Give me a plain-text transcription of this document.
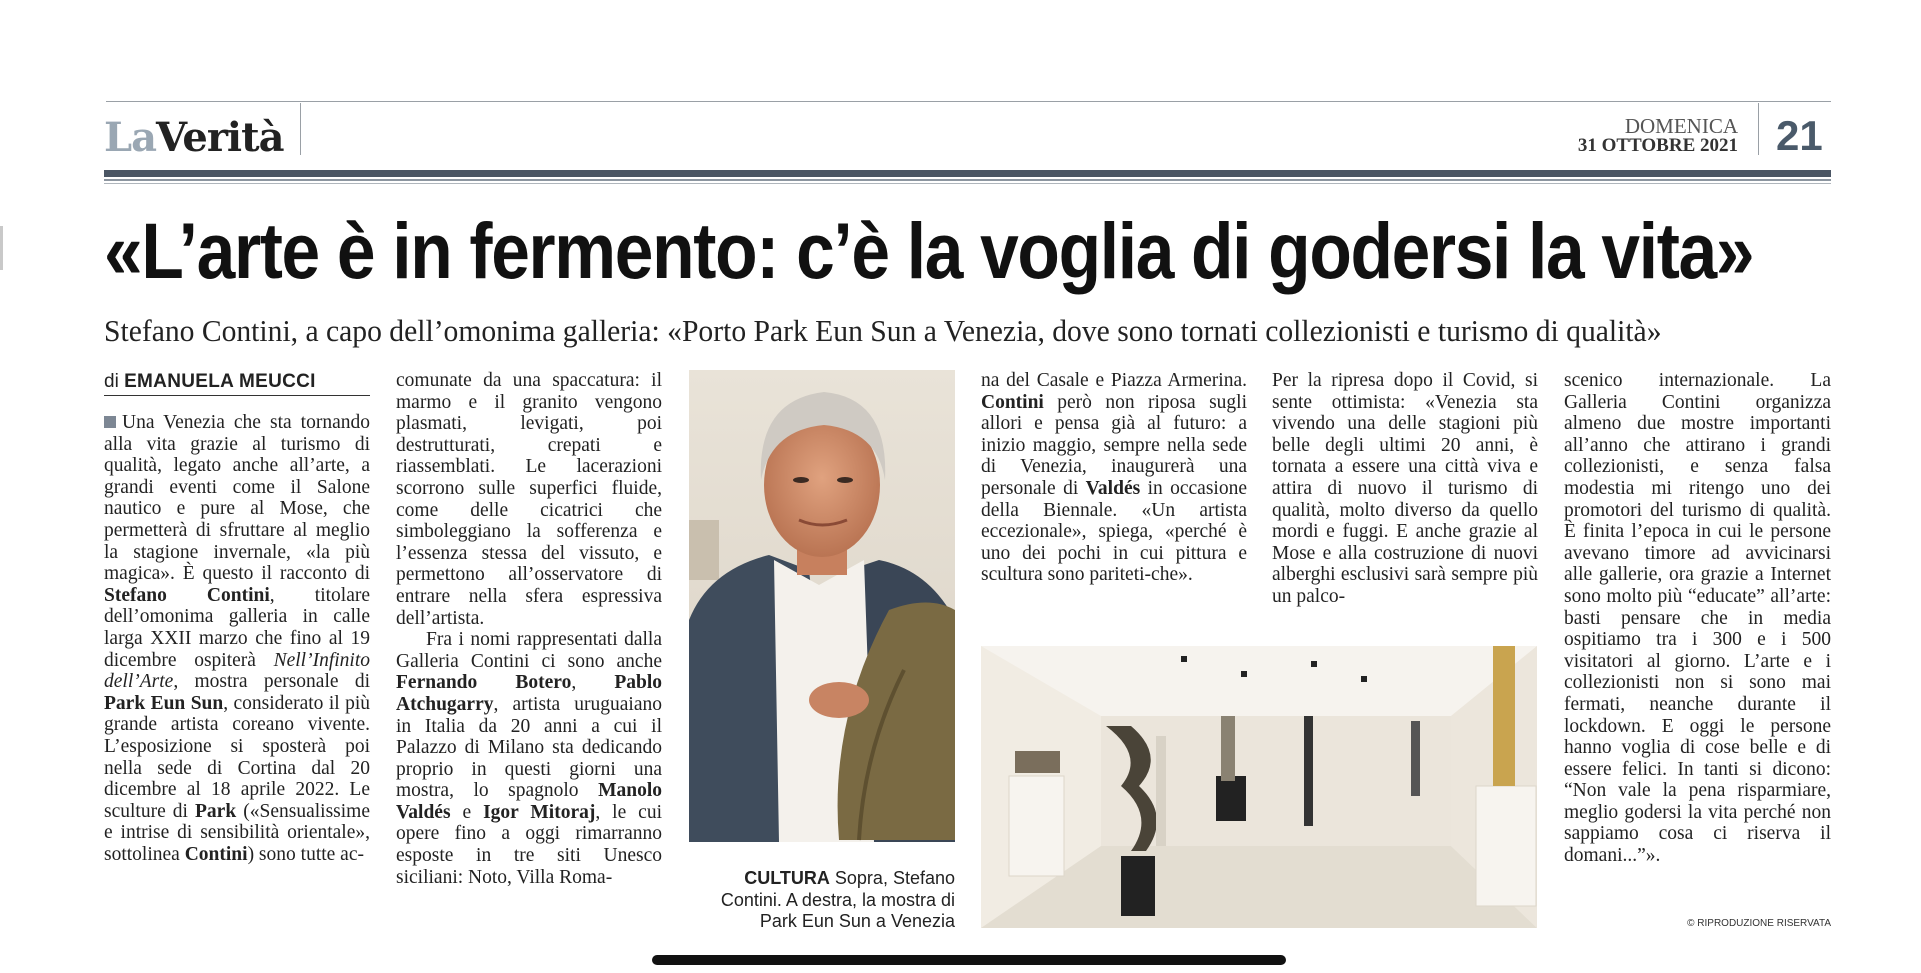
LaVerità	DOMENICA
31 OTTOBRE 2021 21
«L’arte è in fermento: c’è la voglia di godersi la vita»
Stefano Contini, a capo dell’omonima galleria: «Porto Park Eun Sun a Venezia, dove sono tornati collezionisti e turismo di qualità»
di EMANUELA MEUCCI

Una Venezia che sta tornando alla vita grazie al turismo di qualità, legato anche all’arte, a grandi eventi come il Salone nautico e pure al Mose, che permetterà di sfruttare al meglio la stagione invernale, «la più magica». È questo il racconto di Stefano Contini, titolare dell’omonima galleria in calle larga XXII marzo che fino al 19 dicembre ospiterà Nell’Infinito dell’Arte, mostra personale di Park Eun Sun, considerato il più grande artista coreano vivente. L’esposizione si sposterà poi nella sede di Cortina dal 20 dicembre al 18 aprile 2022. Le sculture di Park («Sensualissime e intrise di sensibilità orientale», sottolinea Contini) sono tutte ac-

comunate da una spaccatura: il marmo e il granito vengono plasmati, levigati, poi destrutturati, crepati e riassemblati. Le lacerazioni scorrono sulle superfici fluide, come delle cicatrici che simboleggiano la sofferenza e l’essenza stessa del vissuto, e permettono all’osservatore di entrare nella sfera espressiva dell’artista.

Fra i nomi rappresentati dalla Galleria Contini ci sono anche Fernando Botero, Pablo Atchugarry, artista uruguaiano in Italia da 20 anni a cui il Palazzo di Milano sta dedicando proprio in questi giorni una mostra, lo spagnolo Manolo Valdés e Igor Mitoraj, le cui opere fino a oggi rimarranno esposte in tre siti Unesco siciliani: Noto, Villa Roma-

na del Casale e Piazza Armerina. Contini però non riposa sugli allori e pensa già al futuro: a inizio maggio, sempre nella sede di Venezia, inaugurerà una personale di Valdés in occasione della Biennale. «Un artista eccezionale», spiega, «perché è uno dei pochi in cui pittura e scultura sono pariteti-che».

Per la ripresa dopo il Covid, si sente ottimista: «Venezia sta vivendo una delle stagioni più belle degli ultimi 20 anni, è tornata a essere una città viva e attira di nuovo il turismo di qualità, molto diverso da quello mordi e fuggi. E anche grazie al Mose e alla costruzione di nuovi alberghi esclusivi sarà sempre più un palco-

scenico internazionale. La Galleria Contini organizza almeno due mostre importanti all’anno che attirano i grandi collezionisti, e senza falsa modestia mi ritengo uno dei promotori del turismo di qualità. È finita l’epoca in cui le persone avevano timore ad avvicinarsi alle gallerie, ora grazie a Internet sono molto più “educate” all’arte: basti pensare che in media ospitiamo tra i 300 e i 500 visitatori al giorno. L’arte e i collezionisti non si sono mai fermati, neanche durante il lockdown. E oggi le persone hanno voglia di cose belle e di essere felici. In tanti si dicono: “Non vale la pena risparmiare, meglio godersi la vita perché non sappiamo cosa ci riserva il domani...”».

CULTURA Sopra, Stefano Contini. A destra, la mostra di Park Eun Sun a Venezia	© RIPRODUZIONE RISERVATA
